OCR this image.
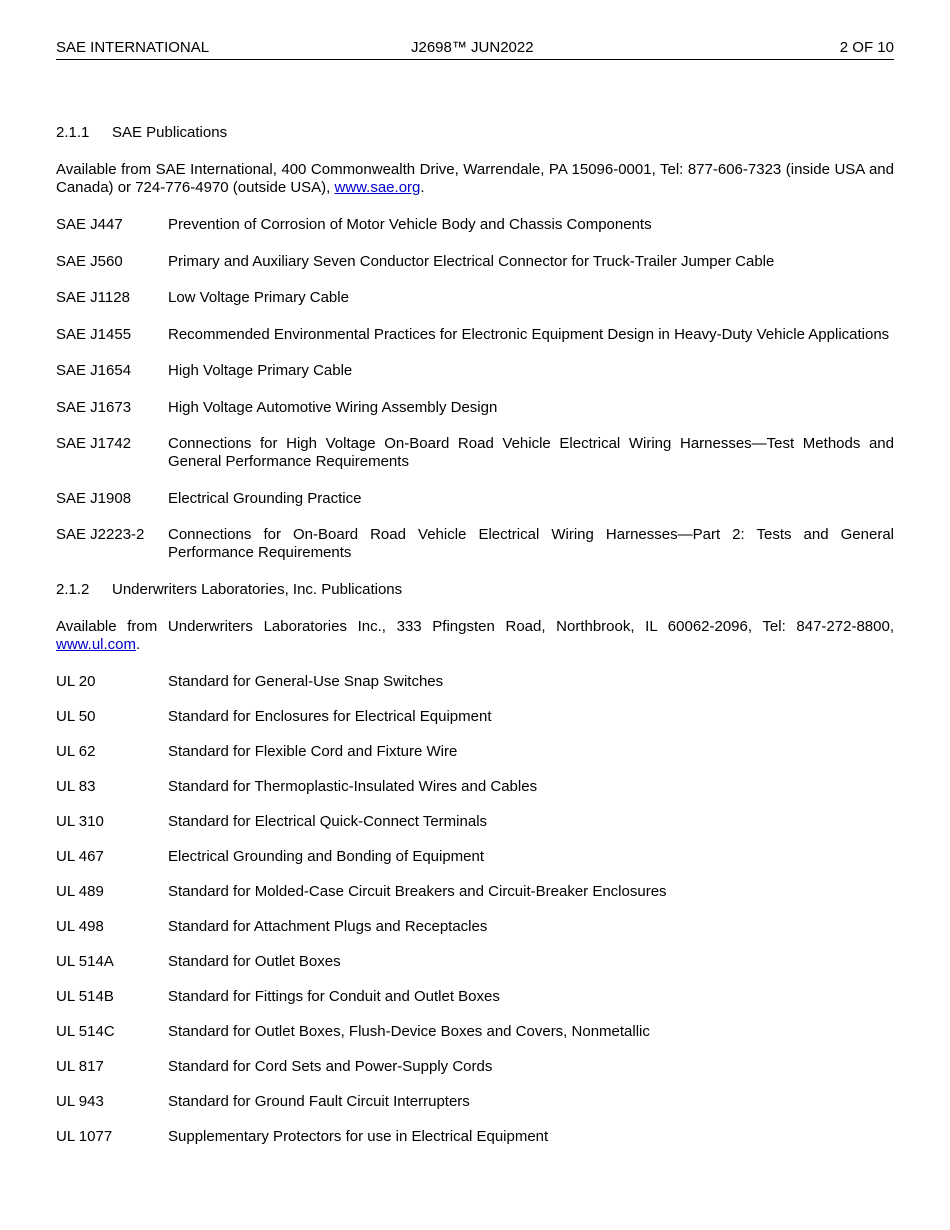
SAE INTERNATIONAL	J2698™ JUN2022	2 OF 10
2.1.1 SAE Publications
Available from SAE International, 400 Commonwealth Drive, Warrendale, PA 15096-0001, Tel: 877-606-7323 (inside USA and Canada) or 724-776-4970 (outside USA), www.sae.org.
SAE J447	Prevention of Corrosion of Motor Vehicle Body and Chassis Components
SAE J560	Primary and Auxiliary Seven Conductor Electrical Connector for Truck-Trailer Jumper Cable
SAE J1128	Low Voltage Primary Cable
SAE J1455	Recommended Environmental Practices for Electronic Equipment Design in Heavy-Duty Vehicle Applications
SAE J1654	High Voltage Primary Cable
SAE J1673	High Voltage Automotive Wiring Assembly Design
SAE J1742	Connections for High Voltage On-Board Road Vehicle Electrical Wiring Harnesses—Test Methods and General Performance Requirements
SAE J1908	Electrical Grounding Practice
SAE J2223-2	Connections for On-Board Road Vehicle Electrical Wiring Harnesses—Part 2: Tests and General Performance Requirements
2.1.2 Underwriters Laboratories, Inc. Publications
Available from Underwriters Laboratories Inc., 333 Pfingsten Road, Northbrook, IL 60062-2096, Tel: 847-272-8800, www.ul.com.
UL 20	Standard for General-Use Snap Switches
UL 50	Standard for Enclosures for Electrical Equipment
UL 62	Standard for Flexible Cord and Fixture Wire
UL 83	Standard for Thermoplastic-Insulated Wires and Cables
UL 310	Standard for Electrical Quick-Connect Terminals
UL 467	Electrical Grounding and Bonding of Equipment
UL 489	Standard for Molded-Case Circuit Breakers and Circuit-Breaker Enclosures
UL 498	Standard for Attachment Plugs and Receptacles
UL 514A	Standard for Outlet Boxes
UL 514B	Standard for Fittings for Conduit and Outlet Boxes
UL 514C	Standard for Outlet Boxes, Flush-Device Boxes and Covers, Nonmetallic
UL 817	Standard for Cord Sets and Power-Supply Cords
UL 943	Standard for Ground Fault Circuit Interrupters
UL 1077	Supplementary Protectors for use in Electrical Equipment
